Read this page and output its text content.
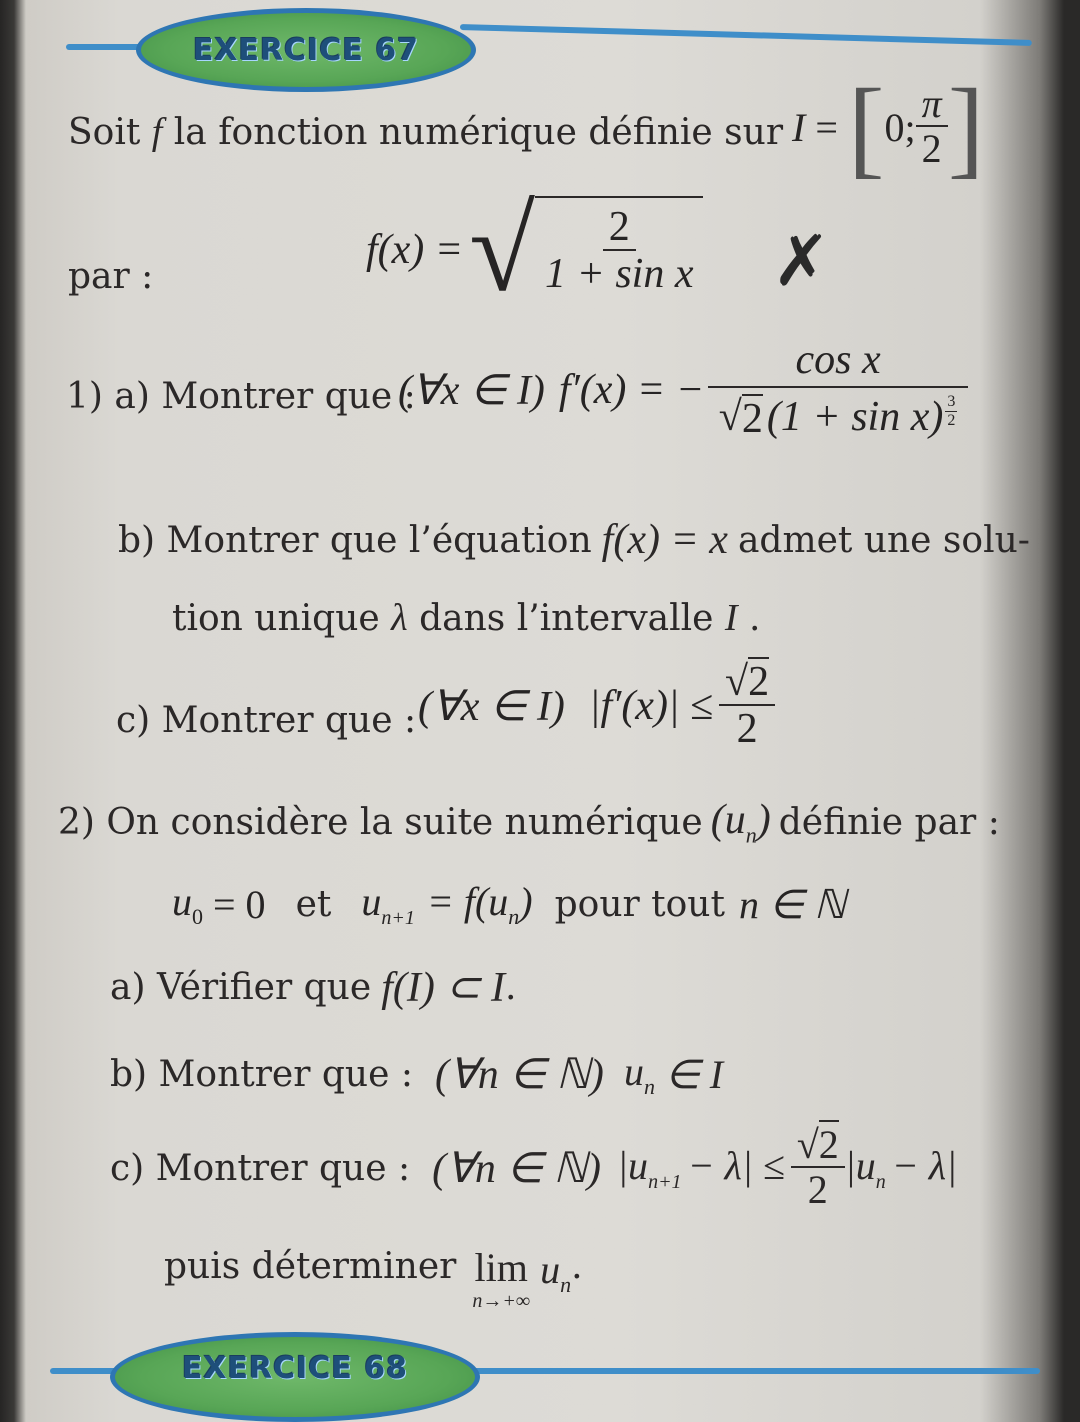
EXERCICE 67
Soit f la fonction numérique définie sur I = [ 0; $\frac{\pi}{2}$ ]
par :
f(x) = √ $\frac{2}{\text{1 + sin x}}$ ✗
1) a) Montrer que :
(∀x ∈ I) f′(x) = − $\frac{\text{cos x}}{√ 2 (1 + \sin x) \frac{3}{2}}$
b) Montrer que l’équation f(x) = x admet une solu-
tion unique λ dans l’intervalle I .
c) Montrer que : (∀x ∈ I) $|f'(x)| \le \frac{√2}{2}$
2) On considère la suite numérique $(u_n)$ définie par :
$u_0 = 0$ et $u_{n+1} = f(u_n)$ pour tout n ∈ ℕ
a) Vérifier que f(I) ⊂ I .
b) Montrer que : (∀n ∈ ℕ) $u_n$ ∈ I
c) Montrer que : (∀n ∈ ℕ) $|u_{n+1} - \lambda| \le \frac{√2}{2} |u_n - \lambda|$
puis déterminer lim
n→+∞
$u_n$ .
EXERCICE 68
